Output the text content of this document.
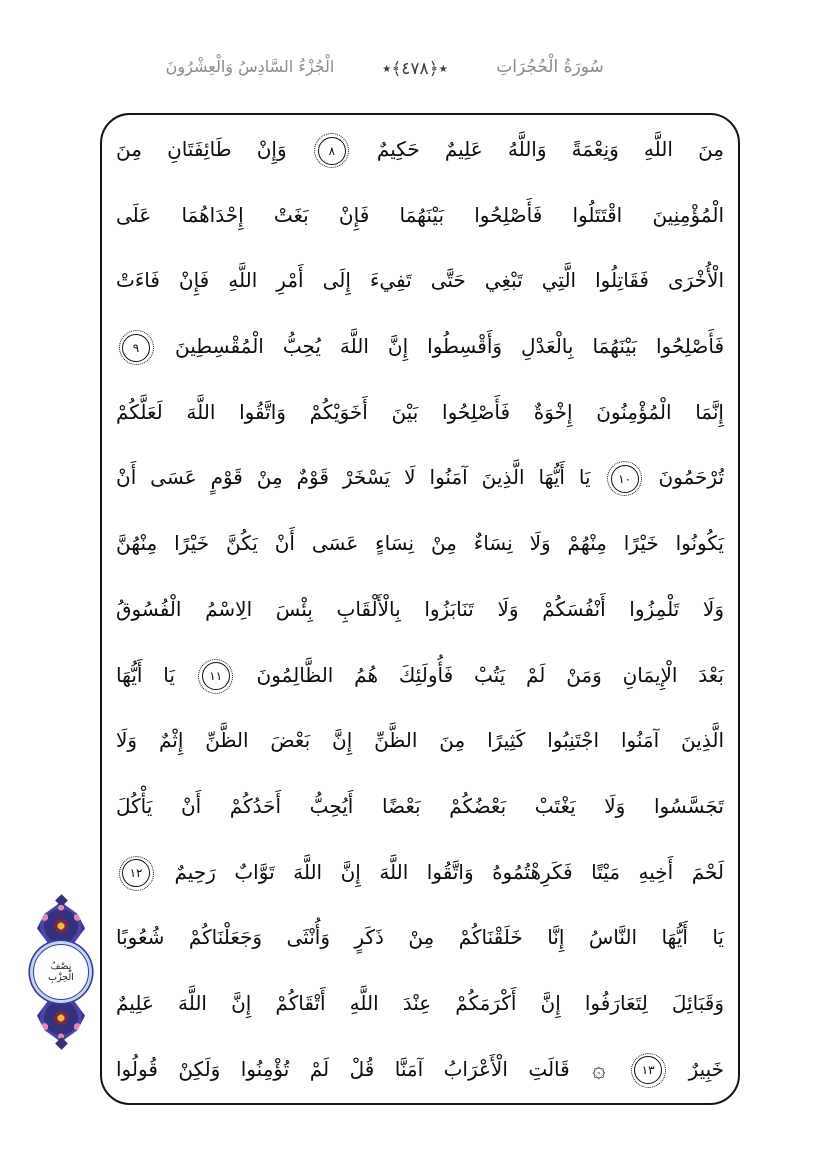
سُورَةُ الْحُجُرَاتِ
٭﴿٤٧٨﴾٭
الْجُزْءُ السَّادِسُ وَالْعِشْرُونَ
مِنَ اللَّهِ وَنِعْمَةً وَاللَّهُ عَلِيمٌ حَكِيمٌ ٨ وَإِنْ طَائِفَتَانِ مِنَ
الْمُؤْمِنِينَ اقْتَتَلُوا فَأَصْلِحُوا بَيْنَهُمَا فَإِنْ بَغَتْ إِحْدَاهُمَا عَلَى
الْأُخْرَى فَقَاتِلُوا الَّتِي تَبْغِي حَتَّى تَفِيءَ إِلَى أَمْرِ اللَّهِ فَإِنْ فَاءَتْ
فَأَصْلِحُوا بَيْنَهُمَا بِالْعَدْلِ وَأَقْسِطُوا إِنَّ اللَّهَ يُحِبُّ الْمُقْسِطِينَ ٩
إِنَّمَا الْمُؤْمِنُونَ إِخْوَةٌ فَأَصْلِحُوا بَيْنَ أَخَوَيْكُمْ وَاتَّقُوا اللَّهَ لَعَلَّكُمْ
تُرْحَمُونَ ١٠ يَا أَيُّهَا الَّذِينَ آمَنُوا لَا يَسْخَرْ قَوْمٌ مِنْ قَوْمٍ عَسَى أَنْ
يَكُونُوا خَيْرًا مِنْهُمْ وَلَا نِسَاءٌ مِنْ نِسَاءٍ عَسَى أَنْ يَكُنَّ خَيْرًا مِنْهُنَّ
وَلَا تَلْمِزُوا أَنْفُسَكُمْ وَلَا تَنَابَزُوا بِالْأَلْقَابِ بِئْسَ الِاسْمُ الْفُسُوقُ
بَعْدَ الْإِيمَانِ وَمَنْ لَمْ يَتُبْ فَأُولَئِكَ هُمُ الظَّالِمُونَ ١١ يَا أَيُّهَا
الَّذِينَ آمَنُوا اجْتَنِبُوا كَثِيرًا مِنَ الظَّنِّ إِنَّ بَعْضَ الظَّنِّ إِثْمٌ وَلَا
تَجَسَّسُوا وَلَا يَغْتَبْ بَعْضُكُمْ بَعْضًا أَيُحِبُّ أَحَدُكُمْ أَنْ يَأْكُلَ
لَحْمَ أَخِيهِ مَيْتًا فَكَرِهْتُمُوهُ وَاتَّقُوا اللَّهَ إِنَّ اللَّهَ تَوَّابٌ رَحِيمٌ ١٢
يَا أَيُّهَا النَّاسُ إِنَّا خَلَقْنَاكُمْ مِنْ ذَكَرٍ وَأُنْثَى وَجَعَلْنَاكُمْ شُعُوبًا
وَقَبَائِلَ لِتَعَارَفُوا إِنَّ أَكْرَمَكُمْ عِنْدَ اللَّهِ أَتْقَاكُمْ إِنَّ اللَّهَ عَلِيمٌ
خَبِيرٌ ١٣ ۞ قَالَتِ الْأَعْرَابُ آمَنَّا قُلْ لَمْ تُؤْمِنُوا وَلَكِنْ قُولُوا
نِصْفُ
الْحِزْبِ
